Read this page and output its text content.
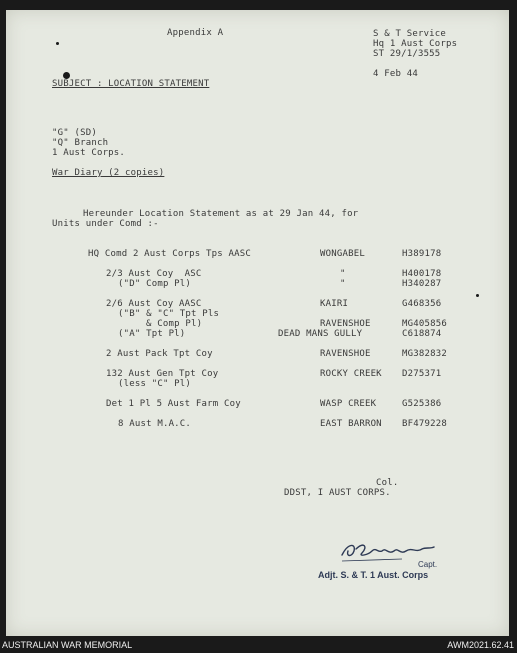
Appendix A	S & T Service
Hq 1 Aust Corps
ST 29/1/3555
4 Feb 44
SUBJECT : LOCATION STATEMENT
"G" (SD)
"Q" Branch
1 Aust Corps.
War Diary (2 copies)
Hereunder Location Statement as at 29 Jan 44, for
Units under Comd :-
HQ Comd 2 Aust Corps Tps AASC	WONGABEL	H389178
2/3 Aust Coy  ASC	"	H400178
("D" Comp Pl)	"	H340287
2/6 Aust Coy AASC	KAIRI	G468356
("B" & "C" Tpt Pls
& Comp Pl)	RAVENSHOE	MG405856
("A" Tpt Pl)	DEAD MANS GULLY	C618874
2 Aust Pack Tpt Coy	RAVENSHOE	MG382832
132 Aust Gen Tpt Coy	ROCKY CREEK D275371
(less "C" Pl)
Det 1 Pl 5 Aust Farm Coy	WASP CREEK	G525386
8 Aust M.A.C.	EAST BARRON BF479228
Col.
DDST, I AUST CORPS.
Capt.
Adjt. S. & T. 1 Aust. Corps
AUSTRALIAN WAR MEMORIAL	AWM2021.62.41
